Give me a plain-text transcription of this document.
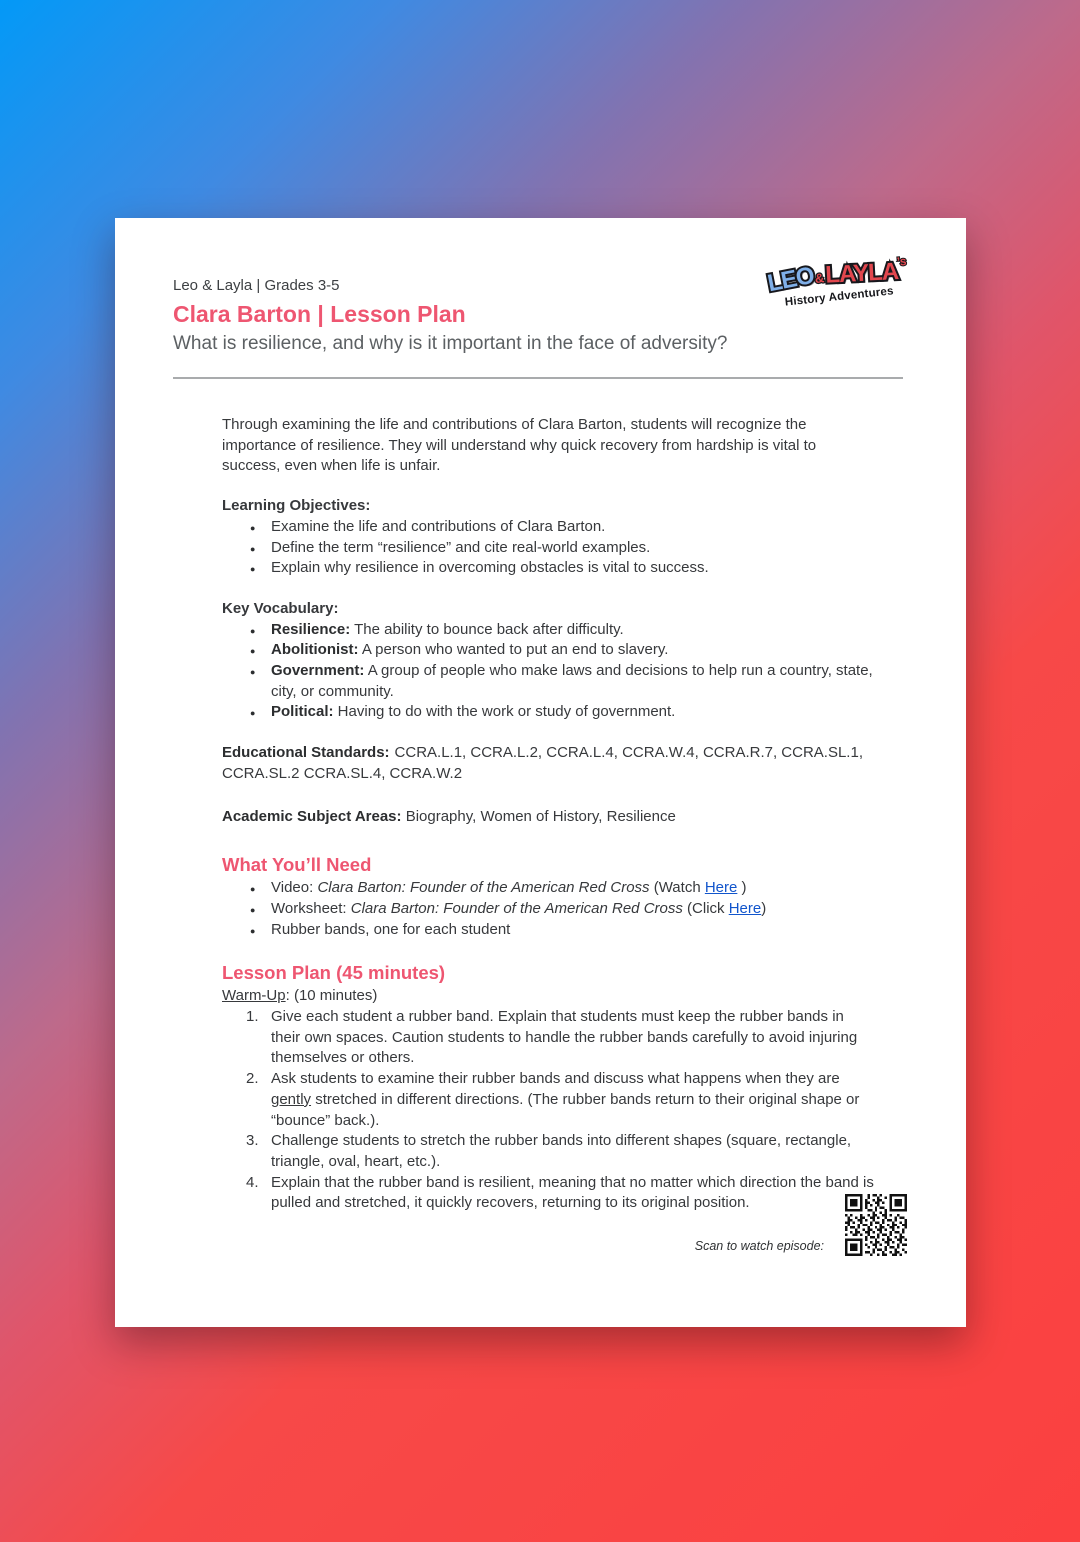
Leo & Layla | Grades 3-5
Clara Barton | Lesson Plan
What is resilience, and why is it important in the face of adversity?
LEO&LAYLA’s
History Adventures

Through examining the life and contributions of Clara Barton, students will recognize the importance of resilience. They will understand why quick recovery from hardship is vital to success, even when life is unfair.

Learning Objectives:
● Examine the life and contributions of Clara Barton.
● Define the term “resilience” and cite real-world examples.
● Explain why resilience in overcoming obstacles is vital to success.
Key Vocabulary:
● Resilience: The ability to bounce back after difficulty.
● Abolitionist: A person who wanted to put an end to slavery.
● Government: A group of people who make laws and decisions to help run a country, state, city, or community.
● Political: Having to do with the work or study of government.

Educational Standards: CCRA.L.1, CCRA.L.2, CCRA.L.4, CCRA.W.4, CCRA.R.7, CCRA.SL.1, CCRA.SL.2 CCRA.SL.4, CCRA.W.2

Academic Subject Areas: Biography, Women of History, Resilience

What You’ll Need
● Video: Clara Barton: Founder of the American Red Cross (Watch Here )
● Worksheet: Clara Barton: Founder of the American Red Cross (Click Here)
● Rubber bands, one for each student
Lesson Plan (45 minutes)

Warm-Up: (10 minutes)

Give each student a rubber band. Explain that students must keep the rubber bands in their own spaces. Caution students to handle the rubber bands carefully to avoid injuring themselves or others.
Ask students to examine their rubber bands and discuss what happens when they are gently stretched in different directions. (The rubber bands return to their original shape or “bounce” back.).
Challenge students to stretch the rubber bands into different shapes (square, rectangle, triangle, oval, heart, etc.).
Explain that the rubber band is resilient, meaning that no matter which direction the band is pulled and stretched, it quickly recovers, returning to its original position.
Scan to watch episode:
